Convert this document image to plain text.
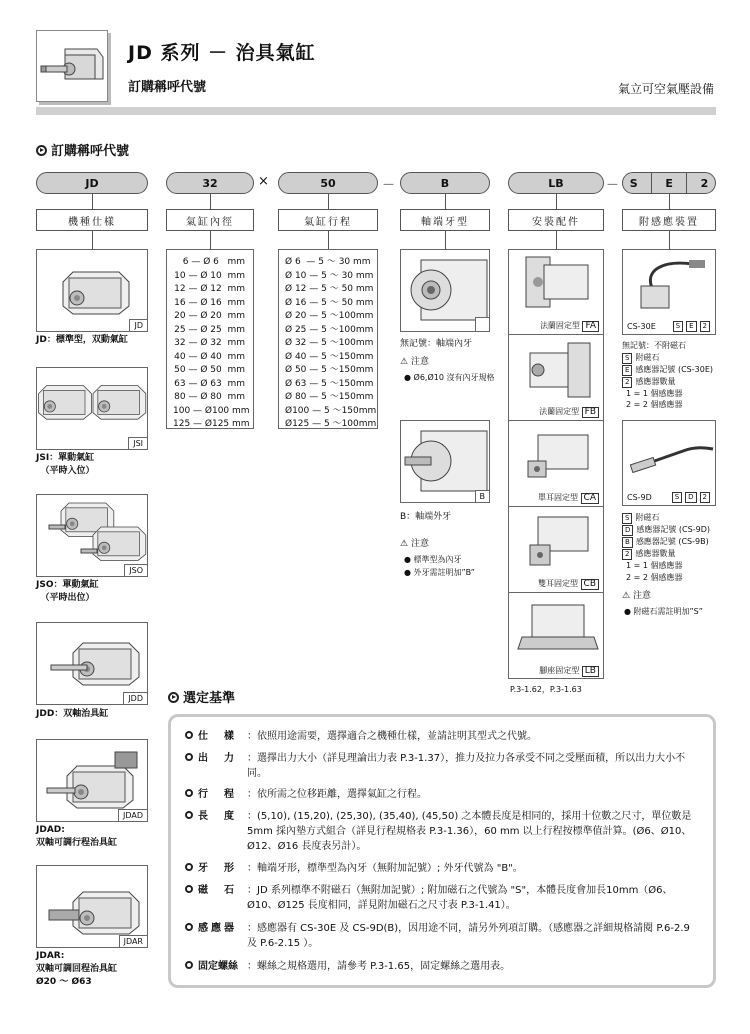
JD 系列 － 治具氣缸
訂購稱呼代號	氣立可空氣壓設備
訂購稱呼代號
JD	32	×	50	－	B	LB	－ S	E	2
機種仕樣	氣缸內徑	氣缸行程	軸端牙型	安裝配件	附感應裝置
JD
JD：標準型，双動氣缸
JSI
JSI：單動氣缸
　（平時入位）
JSO
JSO：單動氣缸
　（平時出位）
JDD
JDD：双軸治具缸
JDAD
JDAD:
双軸可調行程治具缸
JDAR
JDAR:
双軸可調回程治具缸
Ø20 ～ Ø63
6 — Ø 6   mm
10 — Ø 10  mm
12 — Ø 12  mm
16 — Ø 16  mm
20 — Ø 20  mm
25 — Ø 25  mm
32 — Ø 32  mm
40 — Ø 40  mm
50 — Ø 50  mm
63 — Ø 63  mm
80 — Ø 80  mm
100 — Ø100 mm
125 — Ø125 mm
Ø 6  — 5 ～ 30 mm
Ø 10 — 5 ～ 30 mm
Ø 12 — 5 ～ 50 mm
Ø 16 — 5 ～ 50 mm
Ø 20 — 5 ～100mm
Ø 25 — 5 ～100mm
Ø 32 — 5 ～100mm
Ø 40 — 5 ～150mm
Ø 50 — 5 ～150mm
Ø 63 — 5 ～150mm
Ø 80 — 5 ～150mm
Ø100 — 5 ～150mm
Ø125 — 5 ～100mm
無記號：軸端內牙
⚠ 注意
● Ø6,Ø10 沒有內牙規格
B
B：軸端外牙
⚠ 注意
● 標準型為內牙
● 外牙需註明加”B”
法蘭固定型 FA
法蘭固定型 FB
單耳固定型 CA
雙耳固定型 CB
腳座固定型 LB
P.3-1.62，P.3-1.63
CS-30E	S E 2
無記號：不附磁石
S 附磁石
E 感應器記號 (CS-30E)
2 感應器數量
1 = 1 個感應器
2 = 2 個感應器
CS-9D	S D 2
S 附磁石
D 感應器記號 (CS-9D)
B 感應器記號 (CS-9B)
2 感應器數量
1 = 1 個感應器
2 = 2 個感應器
⚠ 注意
● 附磁石需註明加”S”
選定基準
仕　樣	：依照用途需要，選擇適合之機種仕樣，並請註明其型式之代號。
出　力	：選擇出力大小（詳見理論出力表 P.3-1.37），推力及拉力各承受不同之受壓面積，所以出力大小不同。
行　程	：依所需之位移距離，選擇氣缸之行程。
長　度	：(5,10), (15,20), (25,30), (35,40), (45,50) 之本體長度是相同的，採用十位數之尺寸，單位數是 5mm 採內墊方式組合（詳見行程規格表 P.3-1.36），60 mm 以上行程按標準值計算。(Ø6、Ø10、Ø12、Ø16 長度表另計）。
牙　形	：軸端牙形，標準型為內牙（無附加記號）; 外牙代號為 "B"。
磁　石	：JD 系列標準不附磁石（無附加記號）; 附加磁石之代號為 "S"，本體長度會加長10mm（Ø6、Ø10、Ø125 長度相同，詳見附加磁石之尺寸表 P.3-1.41）。
感應器	：感應器有 CS-30E 及 CS-9D(B)，因用途不同，請另外列項訂購。（感應器之詳細規格請閱 P.6-2.9 及 P.6-2.15 ）。
固定螺絲 ：螺絲之規格選用，請參考 P.3-1.65，固定螺絲之選用表。
